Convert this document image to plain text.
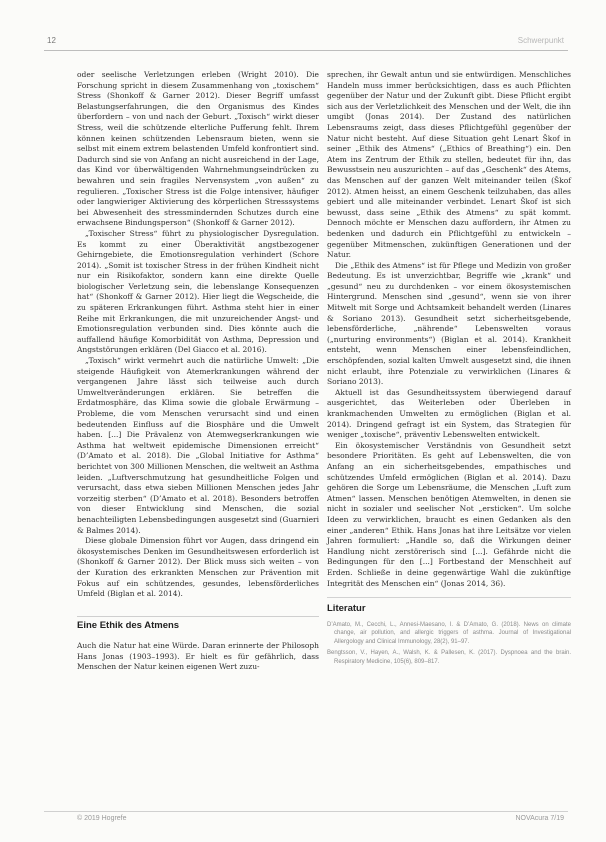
12	Schwerpunkt

oder seelische Verletzungen erleben (Wright 2010). Die Forschung spricht in diesem Zusammenhang von „toxischem“ Stress (Shonkoff & Garner 2012). Dieser Begriff umfasst Belastungserfahrungen, die den Organismus des Kindes überfordern – von und nach der Geburt. „Toxisch“ wirkt dieser Stress, weil die schützende elterliche Pufferung fehlt. Ihrem können keinen schützenden Lebensraum bieten, wenn sie selbst mit einem extrem belastenden Umfeld konfrontiert sind. Dadurch sind sie von Anfang an nicht ausreichend in der Lage, das Kind vor überwältigenden Wahrnehmungseindrücken zu bewahren und sein fragiles Nervensystem „von außen“ zu regulieren. „Toxischer Stress ist die Folge intensiver, häufiger oder langwieriger Aktivierung des körperlichen Stresssystems bei Abwesenheit des stressmindernden Schutzes durch eine erwachsene Bindungsperson“ (Shonkoff & Garner 2012).

„Toxischer Stress“ führt zu physiologischer Dysregulation. Es kommt zu einer Überaktivität angstbezogener Gehirngebiete, die Emotionsregulation verhindert (Schore 2014). „Somit ist toxischer Stress in der frühen Kindheit nicht nur ein Risikofaktor, sondern kann eine direkte Quelle biologischer Verletzung sein, die lebenslange Konsequenzen hat“ (Shonkoff & Garner 2012). Hier liegt die Wegscheide, die zu späteren Erkrankungen führt. Asthma steht hier in einer Reihe mit Erkrankungen, die mit unzureichender Angst- und Emotionsregulation verbunden sind. Dies könnte auch die auffallend häufige Komorbidität von Asthma, Depression und Angststörungen erklären (Del Giacco et al. 2016).

„Toxisch“ wirkt vermehrt auch die natürliche Umwelt: „Die steigende Häufigkeit von Atemerkrankungen während der vergangenen Jahre lässt sich teilweise auch durch Umweltveränderungen erklären. Sie betreffen die Erdatmosphäre, das Klima sowie die globale Erwärmung – Probleme, die vom Menschen verursacht sind und einen bedeutenden Einfluss auf die Biosphäre und die Umwelt haben. [...] Die Prävalenz von Atemwegserkrankungen wie Asthma hat weltweit epidemische Dimensionen erreicht“ (D’Amato et al. 2018). Die „Global Initiative for Asthma“ berichtet von 300 Millionen Menschen, die weltweit an Asthma leiden. „Luftverschmutzung hat gesundheitliche Folgen und verursacht, dass etwa sieben Millionen Menschen jedes Jahr vorzeitig sterben“ (D’Amato et al. 2018). Besonders betroffen von dieser Entwicklung sind Menschen, die sozial benachteiligten Lebensbedingungen ausgesetzt sind (Guarnieri & Balmes 2014).

Diese globale Dimension führt vor Augen, dass dringend ein ökosystemisches Denken im Gesundheitswesen erforderlich ist (Shonkoff & Garner 2012). Der Blick muss sich weiten – von der Kuration des erkrankten Menschen zur Prävention mit Fokus auf ein schützendes, gesundes, lebensförderliches Umfeld (Biglan et al. 2014).

Eine Ethik des Atmens

Auch die Natur hat eine Würde. Daran erinnerte der Philosoph Hans Jonas (1903–1993). Er hielt es für gefährlich, dass Menschen der Natur keinen eigenen Wert zuzu-

sprechen, ihr Gewalt antun und sie entwürdigen. Menschliches Handeln muss immer berücksichtigen, dass es auch Pflichten gegenüber der Natur und der Zukunft gibt. Diese Pflicht ergibt sich aus der Verletzlichkeit des Menschen und der Welt, die ihn umgibt (Jonas 2014). Der Zustand des natürlichen Lebensraums zeigt, dass dieses Pflichtgefühl gegenüber der Natur nicht besteht. Auf diese Situation geht Lenart Škof in seiner „Ethik des Atmens“ („Ethics of Breathing“) ein. Den Atem ins Zentrum der Ethik zu stellen, bedeutet für ihn, das Bewusstsein neu auszurichten – auf das „Geschenk“ des Atems, das Menschen auf der ganzen Welt miteinander teilen (Škof 2012). Atmen heisst, an einem Geschenk teilzuhaben, das alles gebiert und alle miteinander verbindet. Lenart Škof ist sich bewusst, dass seine „Ethik des Atmens“ zu spät kommt. Dennoch möchte er Menschen dazu auffordern, ihr Atmen zu bedenken und dadurch ein Pflichtgefühl zu entwickeln – gegenüber Mitmenschen, zukünftigen Generationen und der Natur.

Die „Ethik des Atmens“ ist für Pflege und Medizin von großer Bedeutung. Es ist unverzichtbar, Begriffe wie „krank“ und „gesund“ neu zu durchdenken – vor einem ökosystemischen Hintergrund. Menschen sind „gesund“, wenn sie von ihrer Mitwelt mit Sorge und Achtsamkeit behandelt werden (Linares & Soriano 2013). Gesundheit setzt sicherheitsgebende, lebensförderliche, „nährende“ Lebenswelten voraus („nurturing environments“) (Biglan et al. 2014). Krankheit entsteht, wenn Menschen einer lebensfeindlichen, erschöpfenden, sozial kalten Umwelt ausgesetzt sind, die ihnen nicht erlaubt, ihre Potenziale zu verwirklichen (Linares & Soriano 2013).

Aktuell ist das Gesundheitssystem überwiegend darauf ausgerichtet, das Weiterleben oder Überleben in krankmachenden Umwelten zu ermöglichen (Biglan et al. 2014). Dringend gefragt ist ein System, das Strategien für weniger „toxische“, präventiv Lebenswelten entwickelt.

Ein ökosystemischer Verständnis von Gesundheit setzt besondere Prioritäten. Es geht auf Lebenswelten, die von Anfang an ein sicherheitsgebendes, empathisches und schützendes Umfeld ermöglichen (Biglan et al. 2014). Dazu gehören die Sorge um Lebensräume, die Menschen „Luft zum Atmen“ lassen. Menschen benötigen Atemwelten, in denen sie nicht in sozialer und seelischer Not „ersticken“. Um solche Ideen zu verwirklichen, braucht es einen Gedanken als den einer „anderen“ Ethik. Hans Jonas hat ihre Leitsätze vor vielen Jahren formuliert: „Handle so, daß die Wirkungen deiner Handlung nicht zerstörerisch sind [...]. Gefährde nicht die Bedingungen für den [...] Fortbestand der Menschheit auf Erden. Schließe in deine gegenwärtige Wahl die zukünftige Integrität des Menschen ein“ (Jonas 2014, 36).

Literatur

D’Amato, M., Cecchi, L., Annesi-Maesano, I. & D’Amato, G. (2018). News on climate change, air pollution, and allergic triggers of asthma. Journal of Investigational Allergology and Clinical Immunology, 28(2), 91–97.

Bengtsson, V., Hayen, A., Walsh, K. & Pallesen, K. (2017). Dyspnoea and the brain. Respiratory Medicine, 105(6), 809–817.

© 2019 Hogrefe	NOVAcura 7/19
